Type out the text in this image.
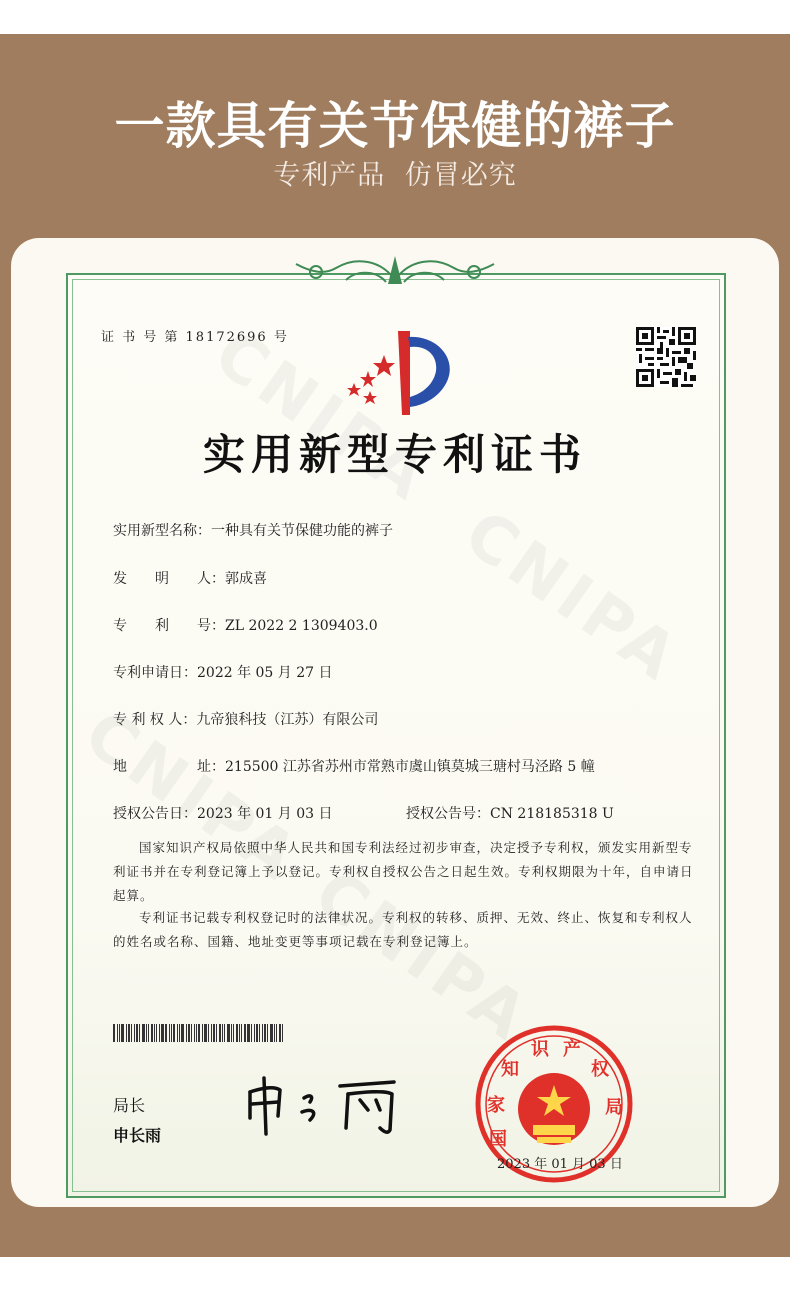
一款具有关节保健的裤子
专利产品 仿冒必究
证 书 号 第 18172696 号
实用新型专利证书
实用新型名称：一种具有关节保健功能的裤子
发　　明　　人：郭成喜
专　　利　　号：ZL 2022 2 1309403.0
专利申请日：2022 年 05 月 27 日
专 利 权 人：九帝狼科技（江苏）有限公司
地　　　　　址：215500 江苏省苏州市常熟市虞山镇莫城三瑭村马泾路 5 幢
授权公告日：2023 年 01 月 03 日	授权公告号：CN 218185318 U
国家知识产权局依照中华人民共和国专利法经过初步审查，决定授予专利权，颁发实用新型专利证书并在专利登记簿上予以登记。专利权自授权公告之日起生效。专利权期限为十年，自申请日起算。
专利证书记载专利权登记时的法律状况。专利权的转移、质押、无效、终止、恢复和专利权人的姓名或名称、国籍、地址变更等事项记载在专利登记簿上。
局长
申长雨	国
家
知
识 产
权
局
2023 年 01 月 03 日
